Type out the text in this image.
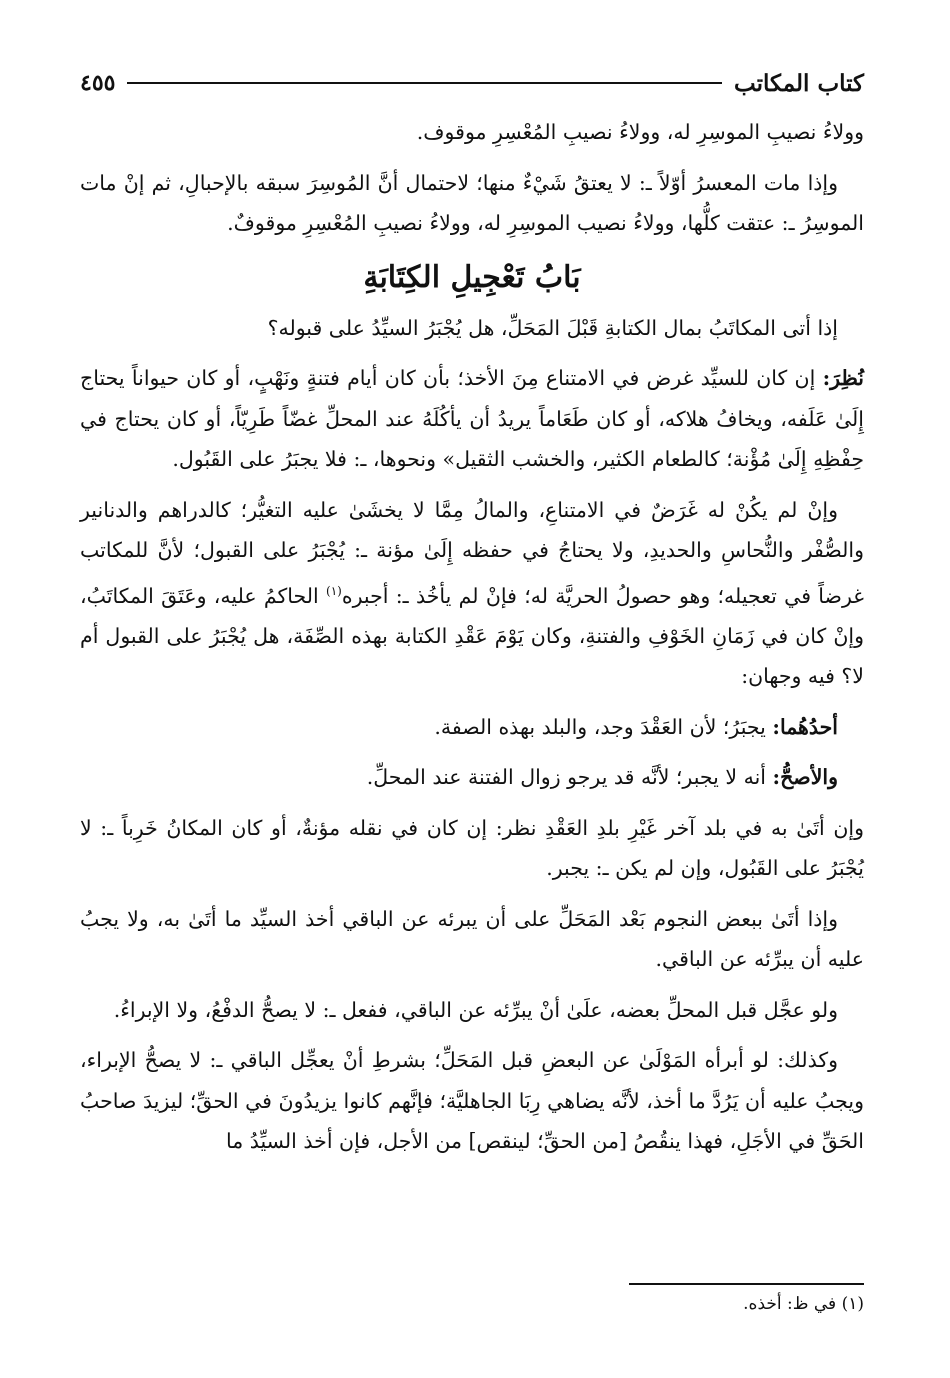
كتاب المكاتب
٤٥٥

وولاءُ نصيبِ الموسِرِ له، وولاءُ نصيبِ المُعْسِرِ موقوف.

وإذا مات المعسرُ أوّلاً ـ: لا يعتقُ شَيْءٌ منها؛ لاحتمال أنَّ المُوسِرَ سبقه بالإحبالِ، ثم إنْ مات الموسِرُ ـ: عتقت كلُّها، وولاءُ نصيب الموسِرِ له، وولاءُ نصيبِ المُعْسِرِ موقوفٌ.

بَابُ تَعْجِيلِ الكِتَابَةِ

إذا أتى المكاتَبُ بمال الكتابةِ قَبْلَ المَحَلِّ، هل يُجْبَرُ السيِّدُ على قبوله؟

نُظِرَ: إن كان للسيِّد غرض في الامتناع مِنَ الأخذ؛ بأن كان أيام فتنةٍ ونَهْبٍ، أو كان حيواناً يحتاج إِلَىٰ عَلَفه، ويخافُ هلاكه، أو كان طَعَاماً يريدُ أن يأكُلَهُ عند المحلِّ غضّاً طَرِيّاً، أو كان يحتاج في حِفْظِهِ إِلَىٰ مُؤْنة؛ كالطعام الكثير، والخشب الثقيل» ونحوها، ـ: فلا يجبَرُ على القَبُول.

وإنْ لم يكُنْ له غَرَضٌ في الامتناعِ، والمالُ مِمَّا لا يخشَىٰ عليه التغيُّر؛ كالدراهم والدنانير والصُّفْر والنُّحاسِ والحديدِ، ولا يحتاجُ في حفظه إِلَىٰ مؤنة ـ: يُجْبَرُ على القبول؛ لأنَّ للمكاتب غرضاً في تعجيله؛ وهو حصولُ الحريَّة له؛ فإنْ لم يأخُذ ـ: أجبره$^{(١)}$ الحاكمُ عليه، وعَتَقَ المكاتَبُ، وإنْ كان في زَمَانِ الخَوْفِ والفتنةِ، وكان يَوْمَ عَقْدِ الكتابة بهذه الصِّفَة، هل يُجْبَرُ على القبول أم لا؟ فيه وجهان:

أحدُهُما: يجبَرُ؛ لأن العَقْدَ وجد، والبلد بهذه الصفة.

والأصحُّ: أنه لا يجبر؛ لأنَّه قد يرجو زوال الفتنة عند المحلِّ.

وإن أتَىٰ به في بلد آخر غَيْرِ بلدِ العَقْدِ نظر: إن كان في نقله مؤنةٌ، أو كان المكانُ خَرِباً ـ: لا يُجْبَرُ على القَبُول، وإن لم يكن ـ: يجبر.

وإذا أتَىٰ ببعض النجوم بَعْد المَحَلِّ على أن يبرئه عن الباقي أخذ السيِّد ما أتَىٰ به، ولا يجبُ عليه أن يبرِّئه عن الباقي.

ولو عجَّل قبل المحلِّ بعضه، علَىٰ أنْ يبرِّئه عن الباقي، ففعل ـ: لا يصحُّ الدفْعُ، ولا الإبراءُ.

وكذلك: لو أبرأه المَوْلَىٰ عن البعضِ قبل المَحَلِّ؛ بشرطِ أنْ يعجِّل الباقي ـ: لا يصحُّ الإبراء، ويجبُ عليه أن يَرُدَّ ما أخذ، لأنَّه يضاهي رِبَا الجاهليَّة؛ فإنَّهم كانوا يزيدُونَ في الحقِّ؛ ليزيدَ صاحبُ الحَقِّ في الأجَلِ، فهذا ينقُصُ [من الحقِّ؛ لينقص] من الأجل، فإن أخذ السيِّدُ ما

(١) في ظ: أخذه.
